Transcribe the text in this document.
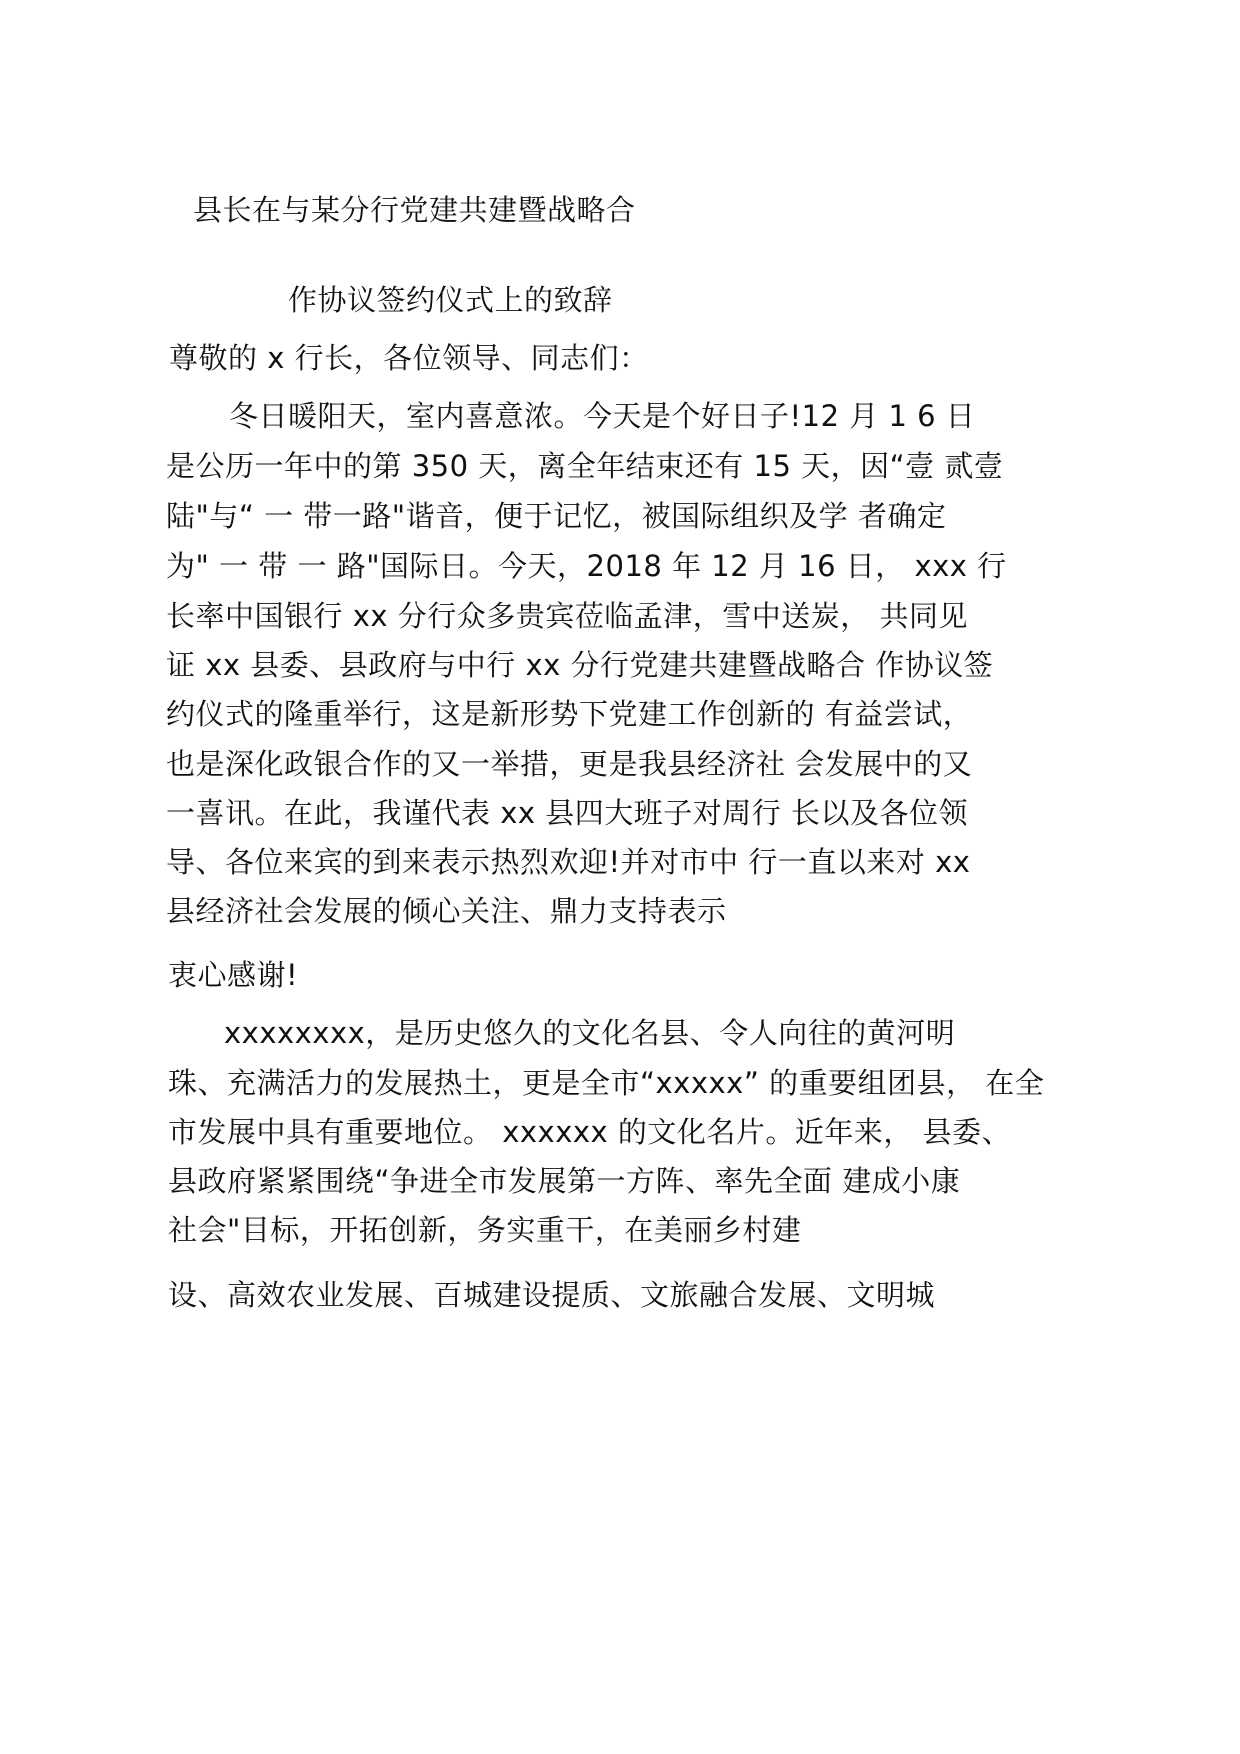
县长在与某分行党建共建暨战略合
作协议签约仪式上的致辞
尊敬的 x 行长，各位领导、同志们：
冬日暖阳天，室内喜意浓。今天是个好日子!12 月 1 6 日
是公历一年中的第 350 天，离全年结束还有 15 天，因“壹 贰壹
陆"与“ 一 带一路"谐音，便于记忆，被国际组织及学 者确定
为" 一 带 一 路"国际日。今天，2018 年 12 月 16 日， xxx 行
长率中国银行 xx 分行众多贵宾莅临孟津，雪中送炭， 共同见
证 xx 县委、县政府与中行 xx 分行党建共建暨战略合 作协议签
约仪式的隆重举行，这是新形势下党建工作创新的 有益尝试，
也是深化政银合作的又一举措，更是我县经济社 会发展中的又
一喜讯。在此，我谨代表 xx 县四大班子对周行 长以及各位领
导、各位来宾的到来表示热烈欢迎!并对市中 行一直以来对 xx
县经济社会发展的倾心关注、鼎力支持表示
衷心感谢!
xxxxxxxx，是历史悠久的文化名县、令人向往的黄河明
珠、充满活力的发展热土，更是全市“xxxxx” 的重要组团县， 在全
市发展中具有重要地位。 xxxxxx 的文化名片。近年来， 县委、
县政府紧紧围绕“争进全市发展第一方阵、率先全面 建成小康
社会"目标，开拓创新，务实重干，在美丽乡村建
设、高效农业发展、百城建设提质、文旅融合发展、文明城
